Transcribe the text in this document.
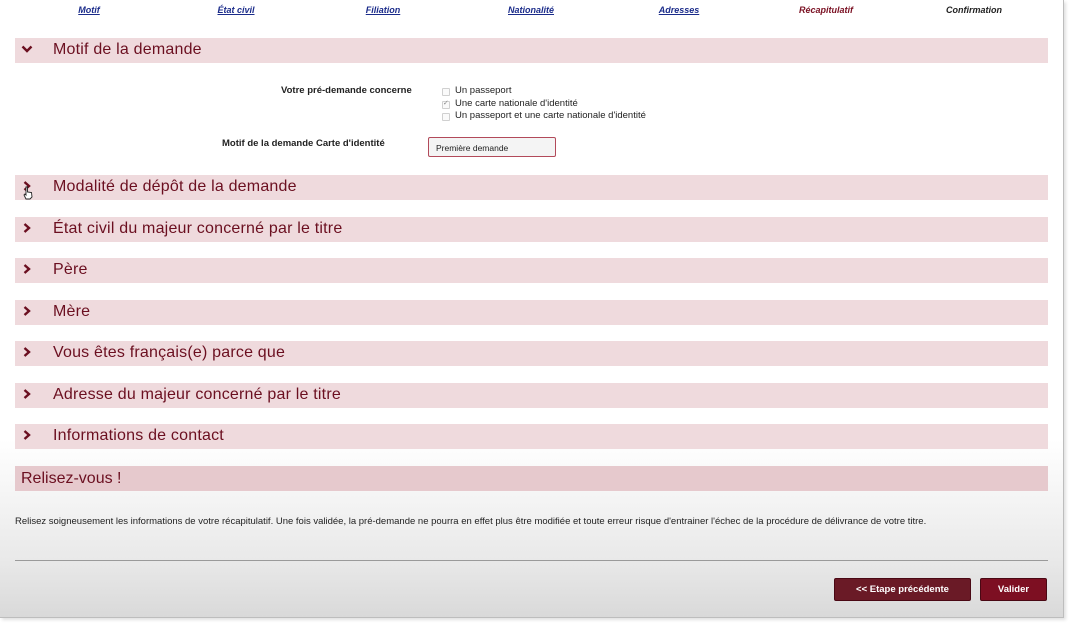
Motif	État civil	Filiation	Nationalité	Adresses	Récapitulatif	Confirmation
Motif de la demande
Votre pré-demande concerne	Un passeport
✓
Une carte nationale d'identité
Un passeport et une carte nationale d'identité
Motif de la demande Carte d'identité	Première demande
Modalité de dépôt de la demande
État civil du majeur concerné par le titre
Père
Mère
Vous êtes français(e) parce que
Adresse du majeur concerné par le titre
Informations de contact
Relisez-vous !
Relisez soigneusement les informations de votre récapitulatif. Une fois validée, la pré-demande ne pourra en effet plus être modifiée et toute erreur risque d'entrainer l'échec de la procédure de délivrance de votre titre.
<< Etape précédente	Valider
